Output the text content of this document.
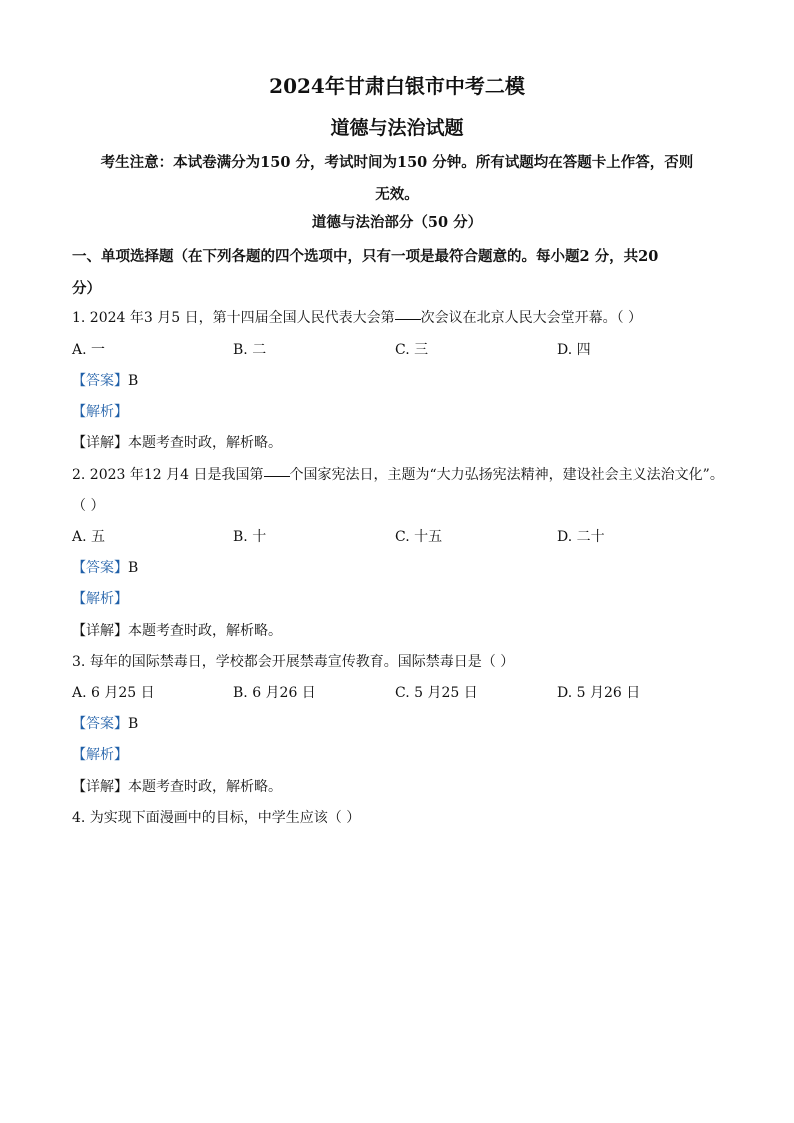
2024年甘肃白银市中考二模
道德与法治试题
考生注意：本试卷满分为150 分，考试时间为150 分钟。所有试题均在答题卡上作答，否则
无效。
道德与法治部分（50 分）
一、单项选择题（在下列各题的四个选项中，只有一项是最符合题意的。每小题2 分，共20
分）
1. 2024 年3 月5 日，第十四届全国人民代表大会第 次会议在北京人民大会堂开幕。（ ）
A. 一	B. 二	C. 三	D. 四
【答案】B
【解析】
【详解】本题考查时政，解析略。
2. 2023 年12 月4 日是我国第 个国家宪法日，主题为“大力弘扬宪法精神，建设社会主义法治文化”。
（ ）
A. 五	B. 十	C. 十五	D. 二十
【答案】B
【解析】
【详解】本题考查时政，解析略。
3. 每年的国际禁毒日，学校都会开展禁毒宣传教育。国际禁毒日是（ ）
A. 6 月25 日	B. 6 月26 日	C. 5 月25 日	D. 5 月26 日
【答案】B
【解析】
【详解】本题考查时政，解析略。
4. 为实现下面漫画中的目标，中学生应该（ ）
